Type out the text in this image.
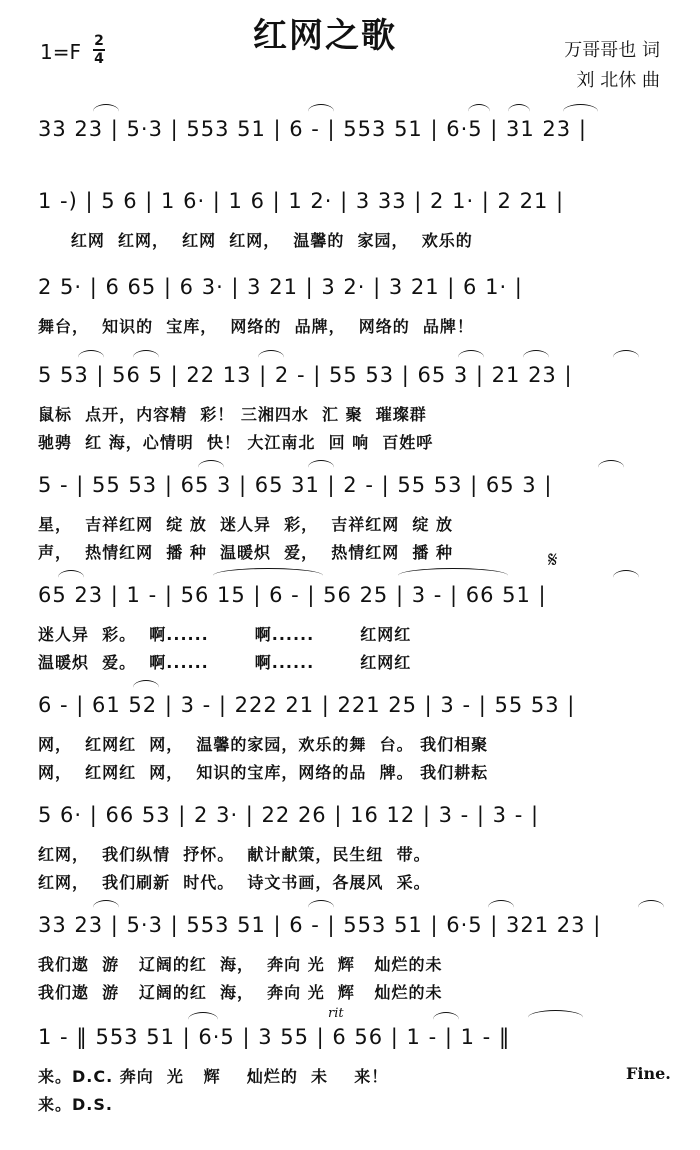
红网之歌
1=F 2
4	万哥哥也 词
刘 北休 曲
33 23 | 5·3 | 553 51 | 6 - | 553 51 | 6·5 | 31 23 |
1 -) | 5 6 | 1 6· | 1 6 | 1 2· | 3 33 | 2 1· | 2 21 |
红网  红网，  红网  红网，  温馨的  家园，  欢乐的
2 5· | 6 65 | 6 3· | 3 21 | 3 2· | 3 21 | 6 1· |
舞台，  知识的  宝库，  网络的  品牌，  网络的  品牌！
5 53 | 56 5 | 22 13 | 2 - | 55 53 | 65 3 | 21 23 |
鼠标  点开，内容精  彩！ 三湘四水  汇 聚  璀璨群
驰骋  红 海，心情明  快！ 大江南北  回 响  百姓呼
5 - | 55 53 | 65 3 | 65 31 | 2 - | 55 53 | 65 3 |
星，  吉祥红网  绽 放  迷人异  彩，  吉祥红网  绽 放
声，  热情红网  播 种  温暖炽  爱，  热情红网  播 种
65 23 | 1 - | 56 15 | 6 - | 56 25 | 3 - | 66 51 |
𝄋
迷人异  彩。  啊......       啊......       红网红
温暖炽  爱。  啊......       啊......       红网红
6 - | 61 52 | 3 - | 222 21 | 221 25 | 3 - | 55 53 |
网，  红网红  网，  温馨的家园，欢乐的舞  台。 我们相聚
网，  红网红  网，  知识的宝库，网络的品  牌。 我们耕耘
5 6· | 66 53 | 2 3· | 22 26 | 16 12 | 3 - | 3 - |
红网，  我们纵情  抒怀。  献计献策，民生纽  带。
红网，  我们刷新  时代。  诗文书画，各展风  采。
33 23 | 5·3 | 553 51 | 6 - | 553 51 | 6·5 | 321 23 |
我们遨  游   辽阔的红  海，  奔向 光  辉   灿烂的未
我们遨  游   辽阔的红  海，  奔向 光  辉   灿烂的未
1 - ‖ 553 51 | 6·5 | 3 55 | 6 56 | 1 - | 1 - ‖
rit
Fine.
来。D.C. 奔向  光   辉    灿烂的  未    来！
来。D.S.
